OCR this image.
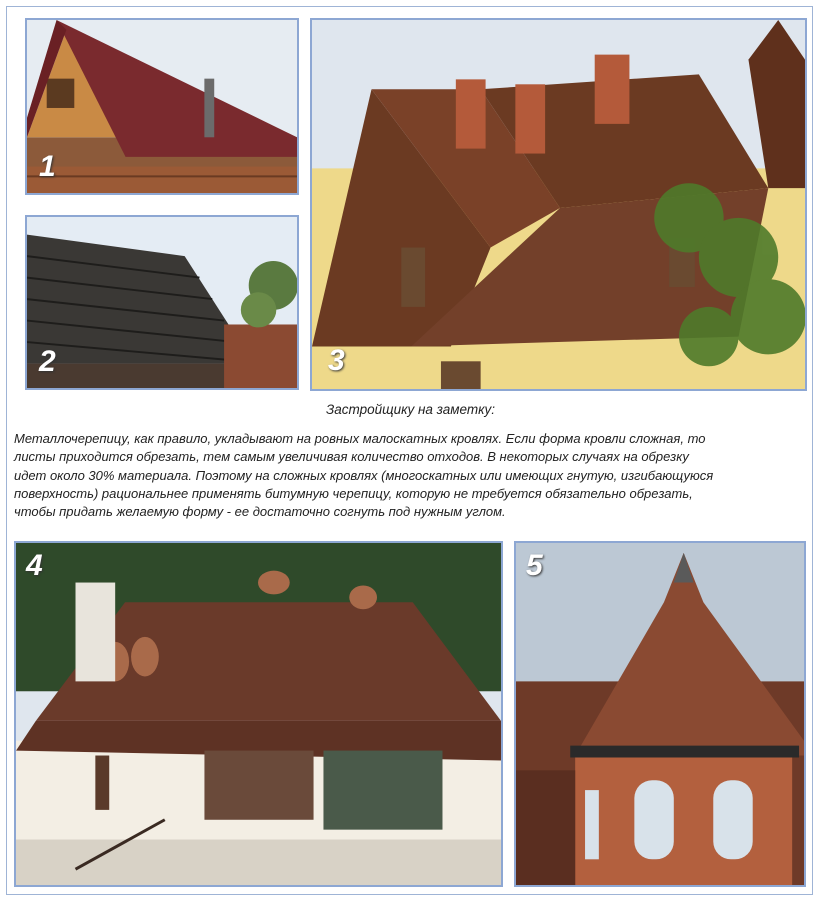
1
2	3
Застройщику на заметку:
Металлочерепицу, как правило, укладывают на ровных малоскатных кровлях. Если форма кровли сложная, то
листы приходится обрезать, тем самым увеличивая количество отходов. В некоторых случаях на обрезку
идет около 30% материала. Поэтому на сложных кровлях (многоскатных или имеющих гнутую, изгибающуюся
поверхность) рациональнее применять битумную черепицу, которую не требуется обязательно обрезать,
чтобы придать желаемую форму - ее достаточно согнуть под нужным углом.
4	5
